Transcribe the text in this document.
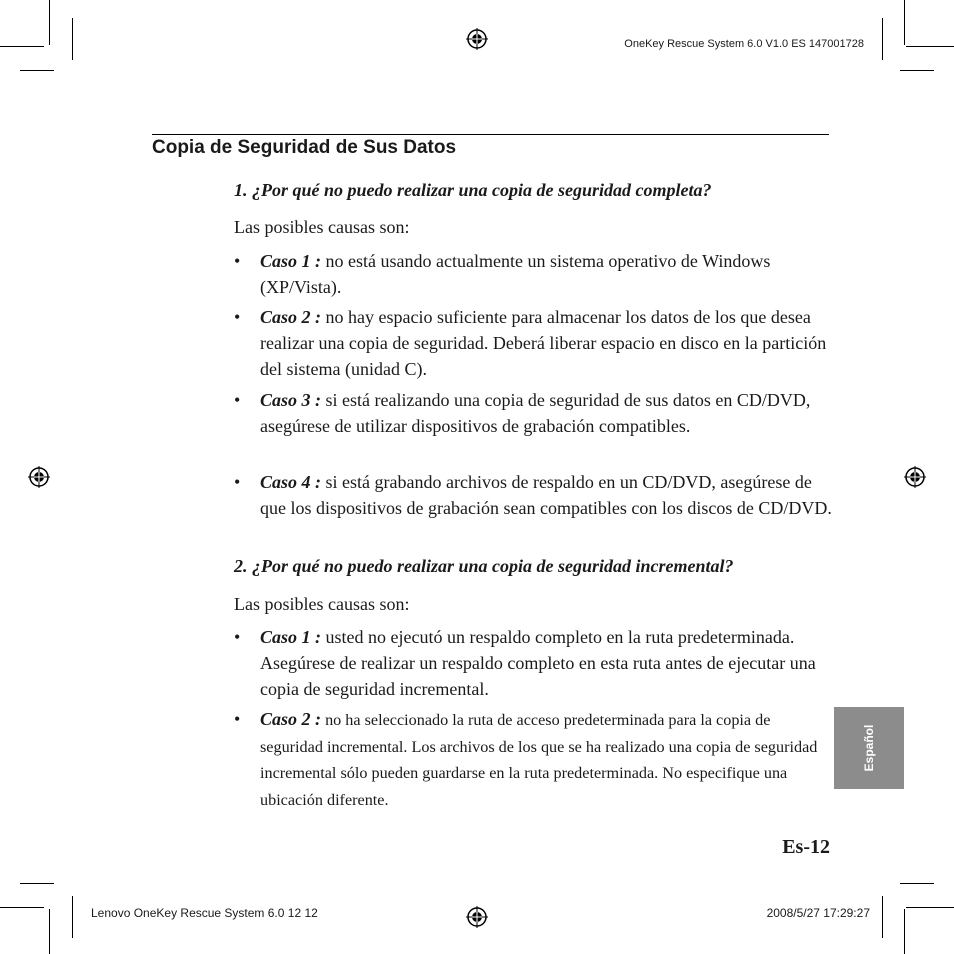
OneKey Rescue System 6.0 V1.0 ES 147001728
Copia de Seguridad de Sus Datos
1. ¿Por qué no puedo realizar una copia de seguridad completa?
Las posibles causas son:
• Caso 1 : no está usando actualmente un sistema operativo de Windows (XP/Vista).
• Caso 2 : no hay espacio suficiente para almacenar los datos de los que desea realizar una copia de seguridad. Deberá liberar espacio en disco en la partición del sistema (unidad C).
• Caso 3 : si está realizando una copia de seguridad de sus datos en CD/DVD, asegúrese de utilizar dispositivos de grabación compatibles.
• Caso 4 : si está grabando archivos de respaldo en un CD/DVD, asegúrese de que los dispositivos de grabación sean compatibles con los discos de CD/DVD.
2. ¿Por qué no puedo realizar una copia de seguridad incremental?
Las posibles causas son:
• Caso 1 : usted no ejecutó un respaldo completo en la ruta predeterminada. Asegúrese de realizar un respaldo completo en esta ruta antes de ejecutar una copia de seguridad incremental.
• Caso 2 : no ha seleccionado la ruta de acceso predeterminada para la copia de seguridad incremental. Los archivos de los que se ha realizado una copia de seguridad incremental sólo pueden guardarse en la ruta predeterminada. No especifique una ubicación diferente.
Español
Es-12
Lenovo OneKey Rescue System 6.0 12 12	2008/5/27 17:29:27
